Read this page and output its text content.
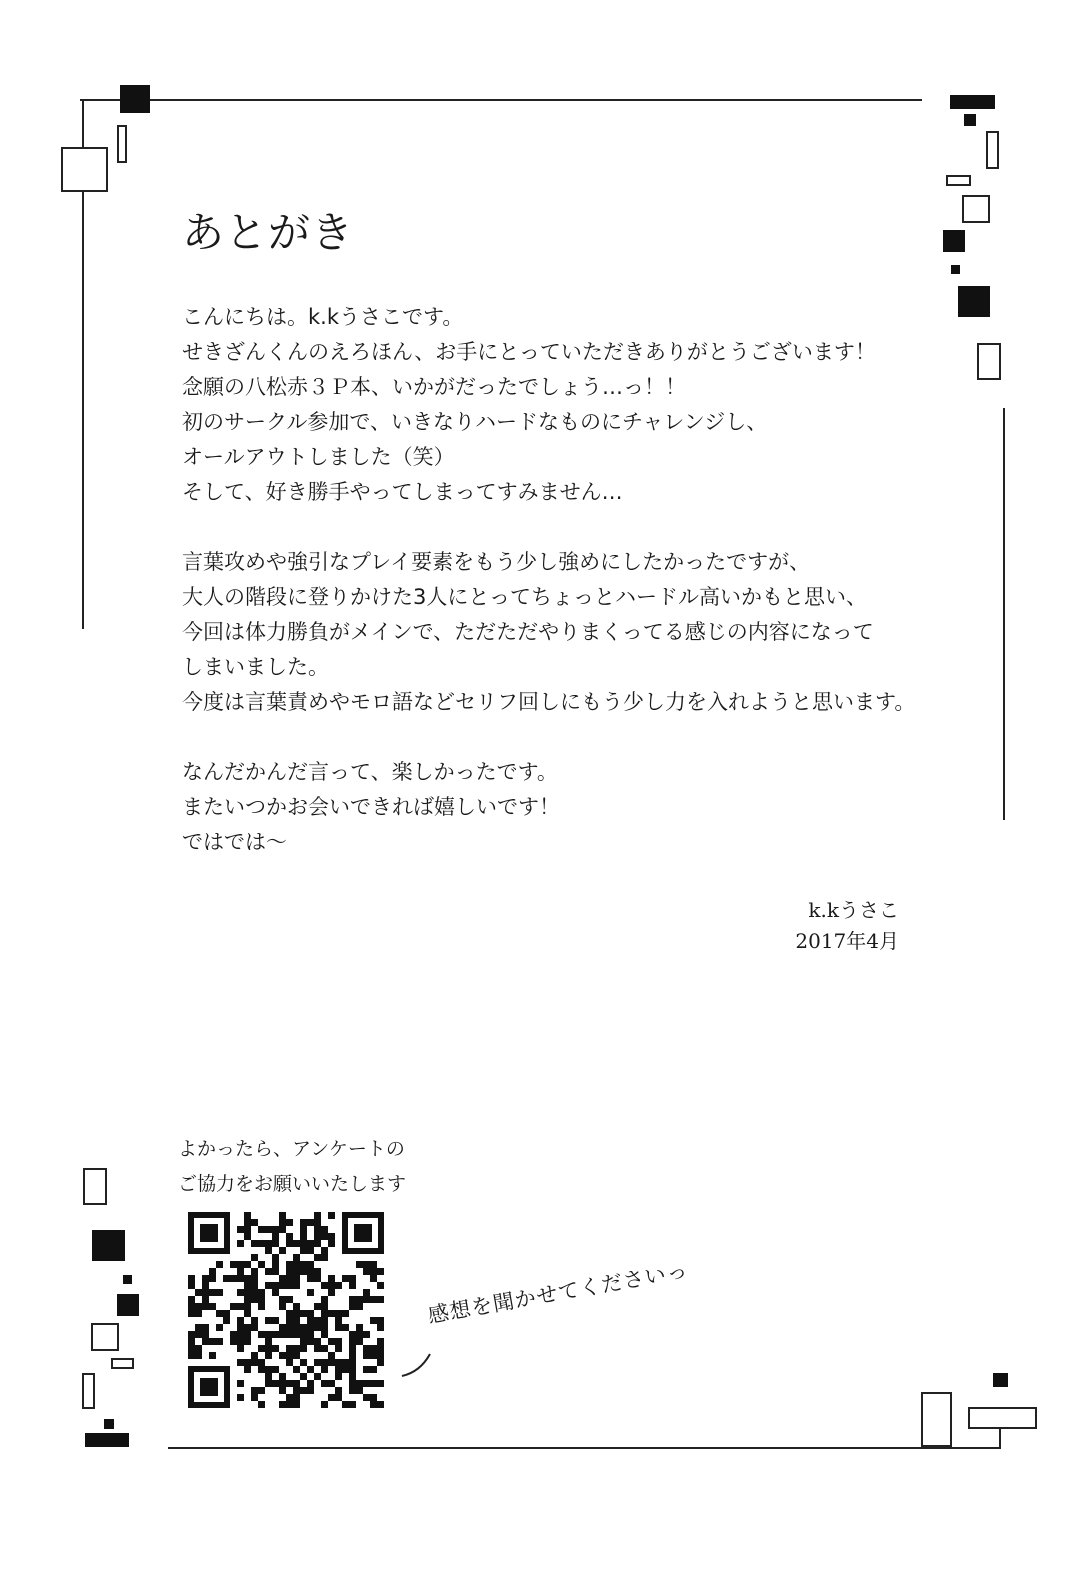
あとがき

こんにちは。k.kうさこです。

せきざんくんのえろほん、お手にとっていただきありがとうございます！

念願の八松赤３Ｐ本、いかがだったでしょう…っ！！

初のサークル参加で、いきなりハードなものにチャレンジし、

オールアウトしました（笑）

そして、好き勝手やってしまってすみません…

言葉攻めや強引なプレイ要素をもう少し強めにしたかったですが、

大人の階段に登りかけた3人にとってちょっとハードル高いかもと思い、

今回は体力勝負がメインで、ただただやりまくってる感じの内容になって

しまいました。

今度は言葉責めやモロ語などセリフ回しにもう少し力を入れようと思います。

なんだかんだ言って、楽しかったです。

またいつかお会いできれば嬉しいです！

ではでは〜

k.kうさこ
2017年4月
よかったら、アンケートの
ご協力をお願いいたします
感想を聞かせてくださいっ
